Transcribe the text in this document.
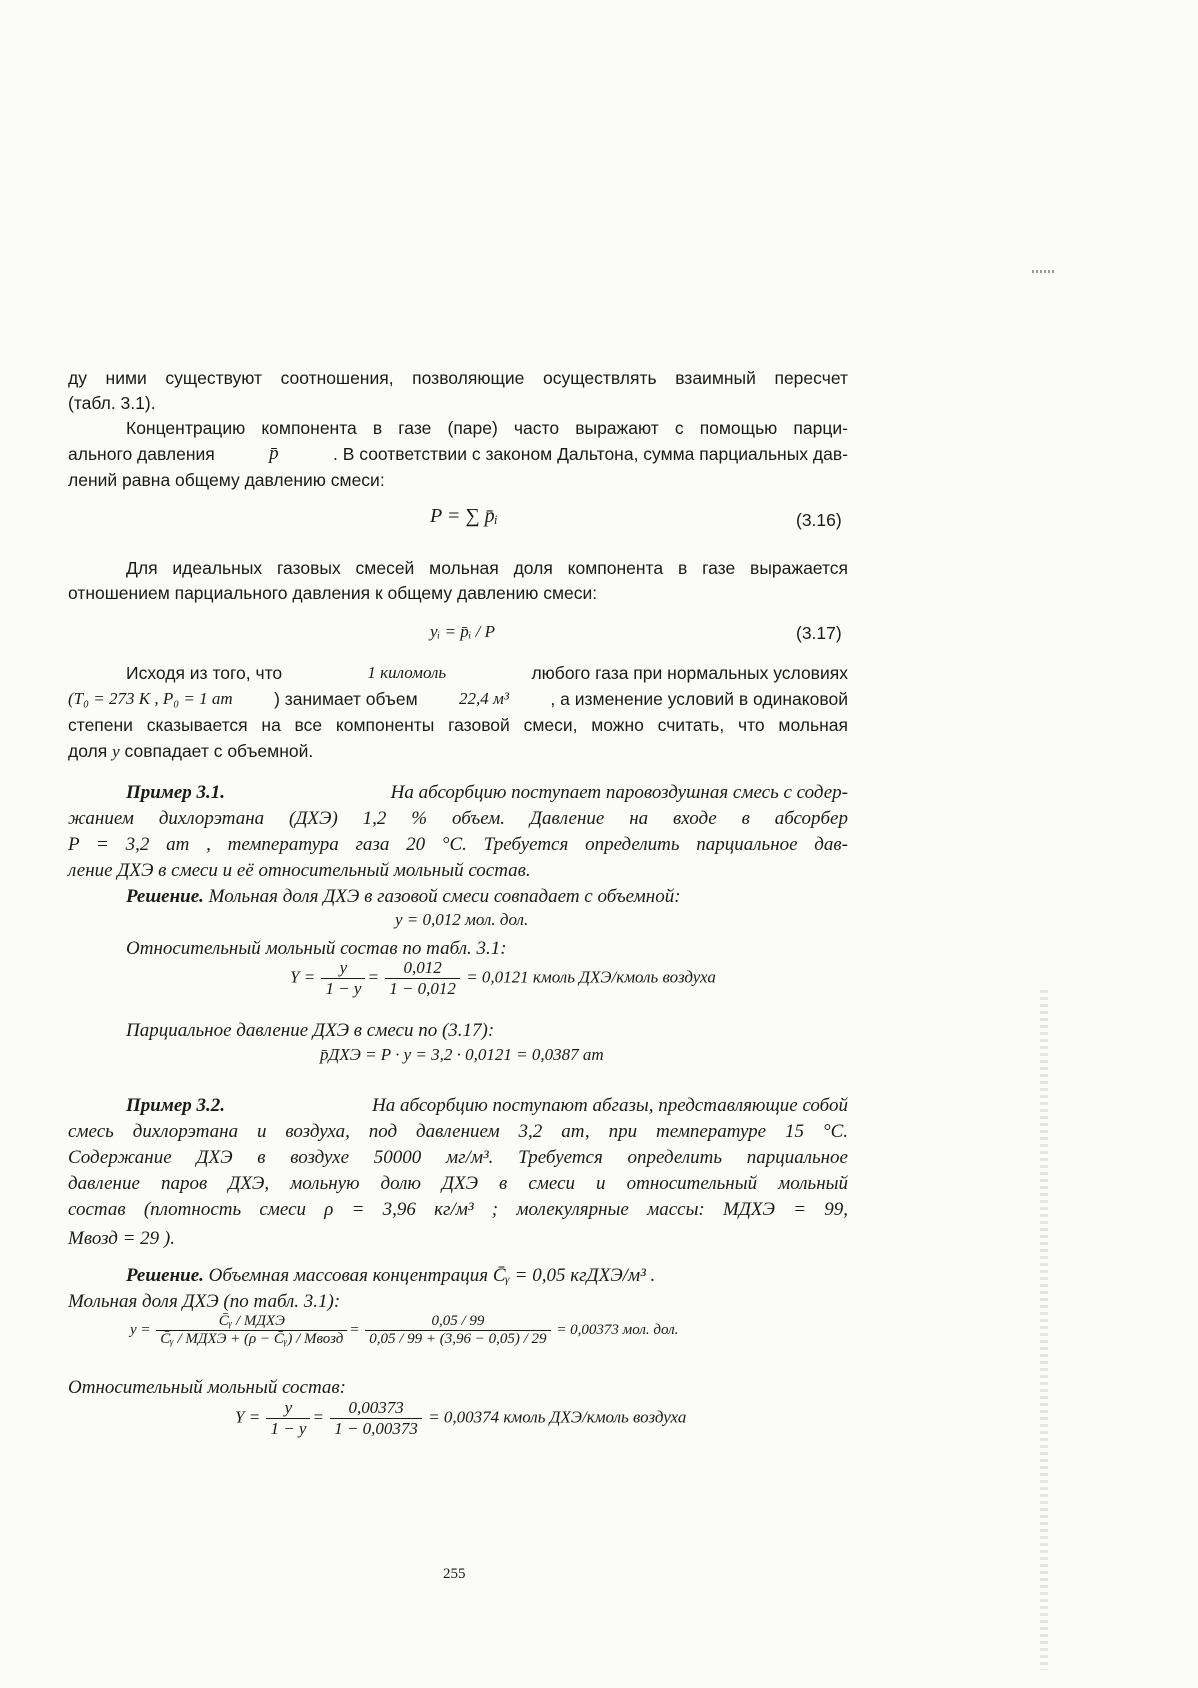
ду ними существуют соотношения, позволяющие осуществлять взаимный пересчет
(табл. 3.1).
Концентрацию компонента в газе (паре) часто выражают с помощью парци-
ального давления	p̄	. В соответствии с законом Дальтона, сумма парциальных дав-
лений равна общему давлению смеси:
P = ∑ p̄ᵢ	(3.16)
Для идеальных газовых смесей мольная доля компонента в газе выражается
отношением парциального давления к общему давлению смеси:
yᵢ = p̄ᵢ / P	(3.17)
Исходя из того, что	1 киломоль	любого газа при нормальных условиях
(T₀ = 273 K , P₀ = 1 ат ) занимает объем 22,4 м³ , а изменение условий в одинаковой
степени сказывается на все компоненты газовой смеси, можно считать, что мольная
доля y совпадает с объемной.
Пример 3.1.	На абсорбцию поступает паровоздушная смесь с содер-
жанием дихлорэтана (ДХЭ) 1,2 % объем. Давление на входе в абсорбер
P = 3,2 ат , температура газа 20 °C. Требуется определить парциальное дав-
ление ДХЭ в смеси и её относительный мольный состав.
Решение. Мольная доля ДХЭ в газовой смеси совпадает с объемной:
y = 0,012 мол. дол.
Относительный мольный состав по табл. 3.1:
$Y = \frac{y}{1 - y} = \frac{0,012}{1 - 0,012} = 0,0121$ кмоль ДХЭ/кмоль воздуха
Парциальное давление ДХЭ в смеси по (3.17):
p̄ДХЭ = P · y = 3,2 · 0,0121 = 0,0387 ат
Пример 3.2.	На абсорбцию поступают абгазы, представляющие собой
смесь дихлорэтана и воздуха, под давлением 3,2 ат, при температуре 15 °C.
Содержание ДХЭ в воздухе 50000 мг/м³. Требуется определить парциальное
давление паров ДХЭ, мольную долю ДХЭ в смеси и относительный мольный
состав (плотность смеси ρ = 3,96 кг/м³ ; молекулярные массы: MДХЭ = 99,
Mвозд = 29 ).
Решение. Объемная массовая концентрация C̄ᵧ = 0,05 кгДХЭ/м³ .
Мольная доля ДХЭ (по табл. 3.1):
y =
C̄ᵧ / MДХЭ
C̄ᵧ / MДХЭ + (ρ − C̄ᵧ) / Mвозд
= $\frac{0,05 / 99}{0,05 / 99 + (3,96 - 0,05) / 29} = 0,00373$ мол. дол.
Относительный мольный состав:
$Y = \frac{y}{1 - y} = \frac{0,00373}{1 - 0,00373} = 0,00374$ кмоль ДХЭ/кмоль воздуха
255
